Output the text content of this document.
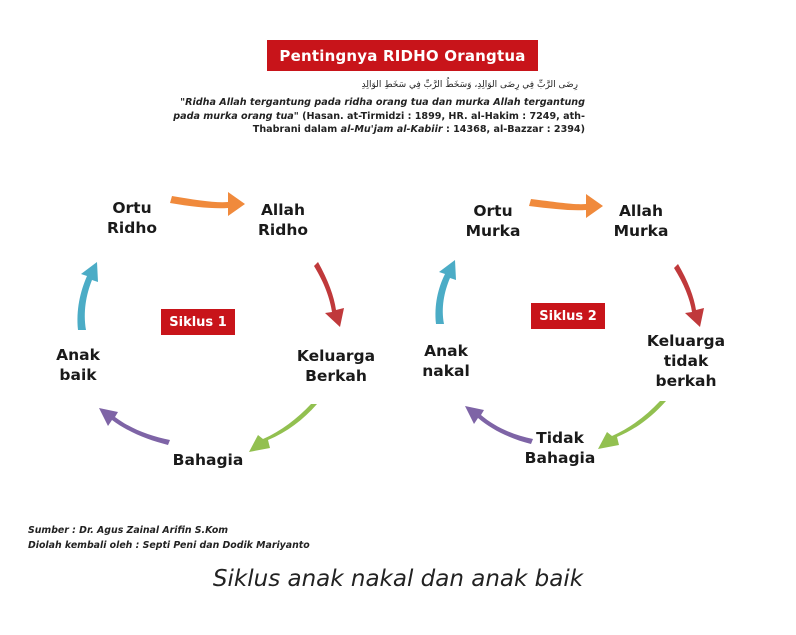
Pentingnya RIDHO Orangtua
رِضَى الرَّبِّ فِي رِضَى الوَالِدِ، وَسَخَطُ الرَّبِّ فِي سَخَطِ الوَالِدِ
"Ridha Allah tergantung pada ridha orang tua dan murka Allah tergantung pada murka orang tua" (Hasan. at-Tirmidzi : 1899, HR. al-Hakim : 7249, ath-Thabrani dalam al-Mu'jam al-Kabiir : 14368, al-Bazzar : 2394)
Ortu
Ridho
Allah
Ridho
Keluarga
Berkah
Bahagia
Anak
baik
Siklus 1
Ortu
Murka
Allah
Murka
Keluarga
tidak
berkah
Tidak
Bahagia
Anak
nakal
Siklus 2
Sumber : Dr. Agus Zainal Arifin S.Kom
Diolah kembali oleh : Septi Peni dan Dodik Mariyanto
Siklus anak nakal dan anak baik
